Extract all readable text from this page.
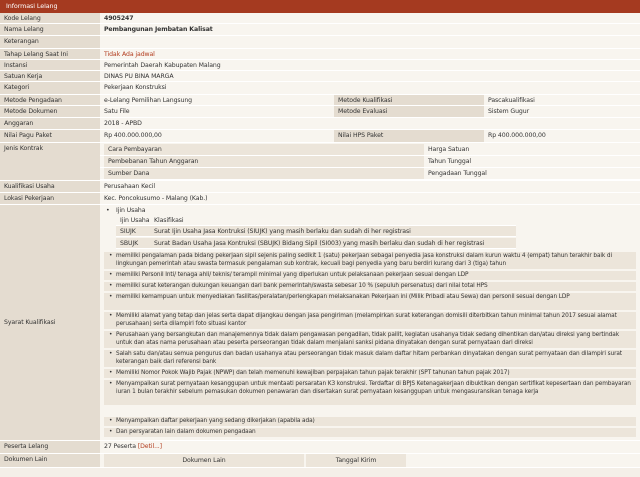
Informasi Lelang
Kode Lelang	4905247
Nama Lelang	Pembangunan Jembatan Kalisat
Keterangan
Tahap Lelang Saat Ini	Tidak Ada jadwal
Instansi	Pemerintah Daerah Kabupaten Malang
Satuan Kerja	DINAS PU BINA MARGA
Kategori	Pekerjaan Konstruksi
Metode Pengadaan	e-Lelang Pemilihan Langsung	Metode Kualifikasi	Pascakualifikasi
Metode Dokumen	Satu File	Metode Evaluasi	Sistem Gugur
Anggaran	2018 - APBD
Nilai Pagu Paket	Rp 400.000.000,00	Nilai HPS Paket	Rp 400.000.000,00
Jenis Kontrak	Cara Pembayaran	Harga Satuan
Pembebanan Tahun Anggaran	Tahun Tunggal
Sumber Dana	Pengadaan Tunggal
Kualifikasi Usaha	Perusahaan Kecil
Lokasi Pekerjaan	Kec. Poncokusumo - Malang (Kab.)
Syarat Kualifikasi
• Ijin Usaha
Ijin Usaha Klasifikasi
SIUJK	Surat Ijin Usaha Jasa Kontruksi (SIUJK) yang masih berlaku dan sudah di her registrasi
SBUJK	Surat Badan Usaha Jasa Kontruksi (SBUJK) Bidang Sipil (SI003) yang masih berlaku dan sudah di her registrasi
• memiliki pengalaman pada bidang pekerjaan sipil sejenis paling sedikit 1 (satu) pekerjaan sebagai penyedia jasa konstruksi dalam kurun waktu 4 (empat) tahun terakhir baik di lingkungan pemerintah atau swasta termasuk pengalaman sub kontrak, kecuali bagi penyedia yang baru berdiri kurang dari 3 (tiga) tahun
• memiliki Personil Inti/ tenaga ahli/ teknis/ terampil minimal yang diperlukan untuk pelaksanaan pekerjaan sesuai dengan LDP
• memiliki surat keterangan dukungan keuangan dari bank pemerintah/swasta sebesar 10 % (sepuluh persenatus) dari nilai total HPS
• memiliki kemampuan untuk menyediakan fasilitas/peralatan/perlengkapan melaksanakan Pekerjaan ini (Milik Pribadi atau Sewa) dan personil sesuai dengan LDP
• Memiliki alamat yang tetap dan jelas serta dapat dijangkau dengan jasa pengiriman (melampirkan surat keterangan domisili diterbitkan tahun minimal tahun 2017 sesuai alamat perusahaan) serta dilampiri foto situasi kantor
• Perusahaan yang bersangkutan dan manajemennya tidak dalam pengawasan pengadilan, tidak pailit, kegiatan usahanya tidak sedang dihentikan dan/atau direksi yang bertindak untuk dan atas nama perusahaan atau peserta perseorangan tidak dalam menjalani sanksi pidana dinyatakan dengan surat pernyataan dari direksi
• Salah satu dan/atau semua pengurus dan badan usahanya atau perseorangan tidak masuk dalam daftar hitam perbankan dinyatakan dengan surat pernyataan dan dilampiri surat keterangan baik dari referensi bank
• Memiliki Nomor Pokok Wajib Pajak (NPWP) dan telah memenuhi kewajiban perpajakan tahun pajak terakhir (SPT tahunan tahun pajak 2017)
• Menyampaikan surat pernyataan kesanggupan untuk mentaati persaratan K3 konstruksi. Terdaftar di BPJS Ketenagakerjaan dibuktikan dengan sertifikat kepesertaan dan pembayaran iuran 1 bulan terakhir sebelum pemasukan dokumen penawaran dan disertakan surat pernyataan kesanggupan untuk mengasuransikan tenaga kerja
• Menyampaikan daftar pekerjaan yang sedang dikerjakan (apabila ada)
• Dan persyaratan lain dalam dokumen pengadaan
Peserta Lelang	27 Peserta [Detil...]
Dokumen Lain	Dokumen Lain	Tanggal Kirim
